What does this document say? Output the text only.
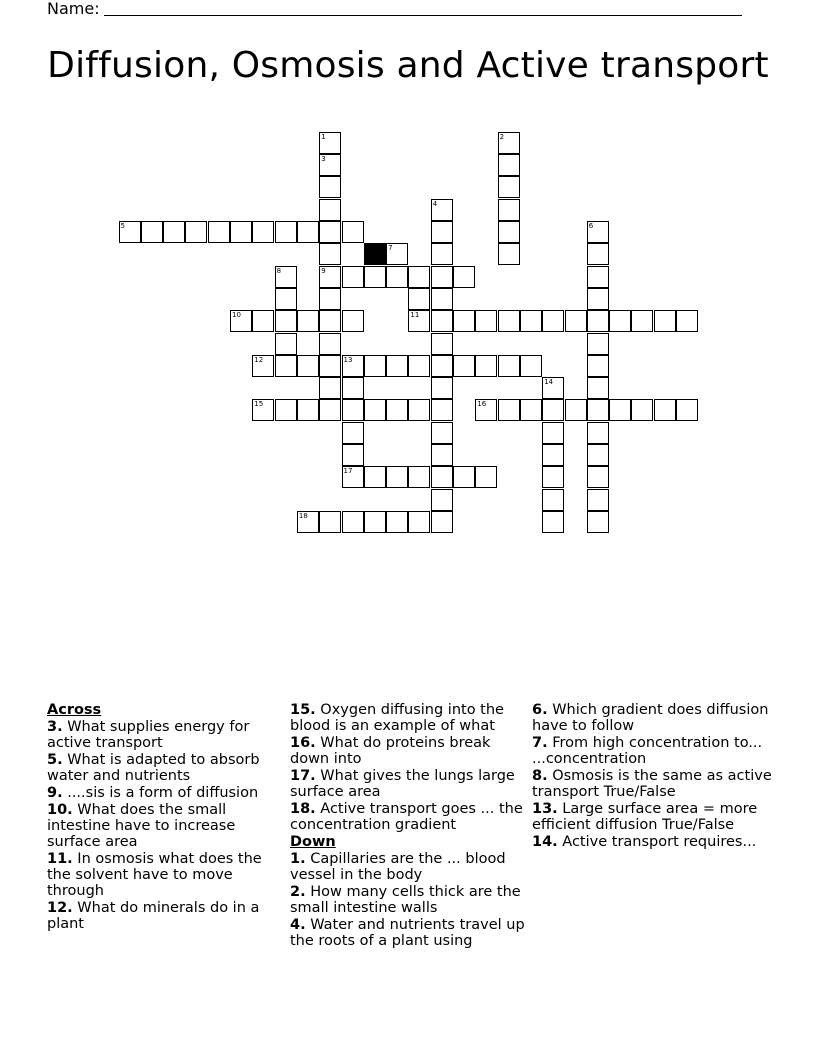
Name:
Diffusion, Osmosis and Active transport
1
3
2
4
5	6
7
8	9
10	11
12	13
14
15	16
17
18
Across
3. What supplies energy for active transport
5. What is adapted to absorb water and nutrients
9. ....sis is a form of diffusion
10. What does the small intestine have to increase surface area
11. In osmosis what does the the solvent have to move through
12. What do minerals do in a plant
15. Oxygen diffusing into the blood is an example of what
16. What do proteins break down into
17. What gives the lungs large surface area
18. Active transport goes ... the concentration gradient
Down
1. Capillaries are the ... blood vessel in the body
2. How many cells thick are the small intestine walls
4. Water and nutrients travel up the roots of a plant using
6. Which gradient does diffusion have to follow
7. From high concentration to... ...concentration
8. Osmosis is the same as active transport True/False
13. Large surface area = more efficient diffusion True/False
14. Active transport requires...
